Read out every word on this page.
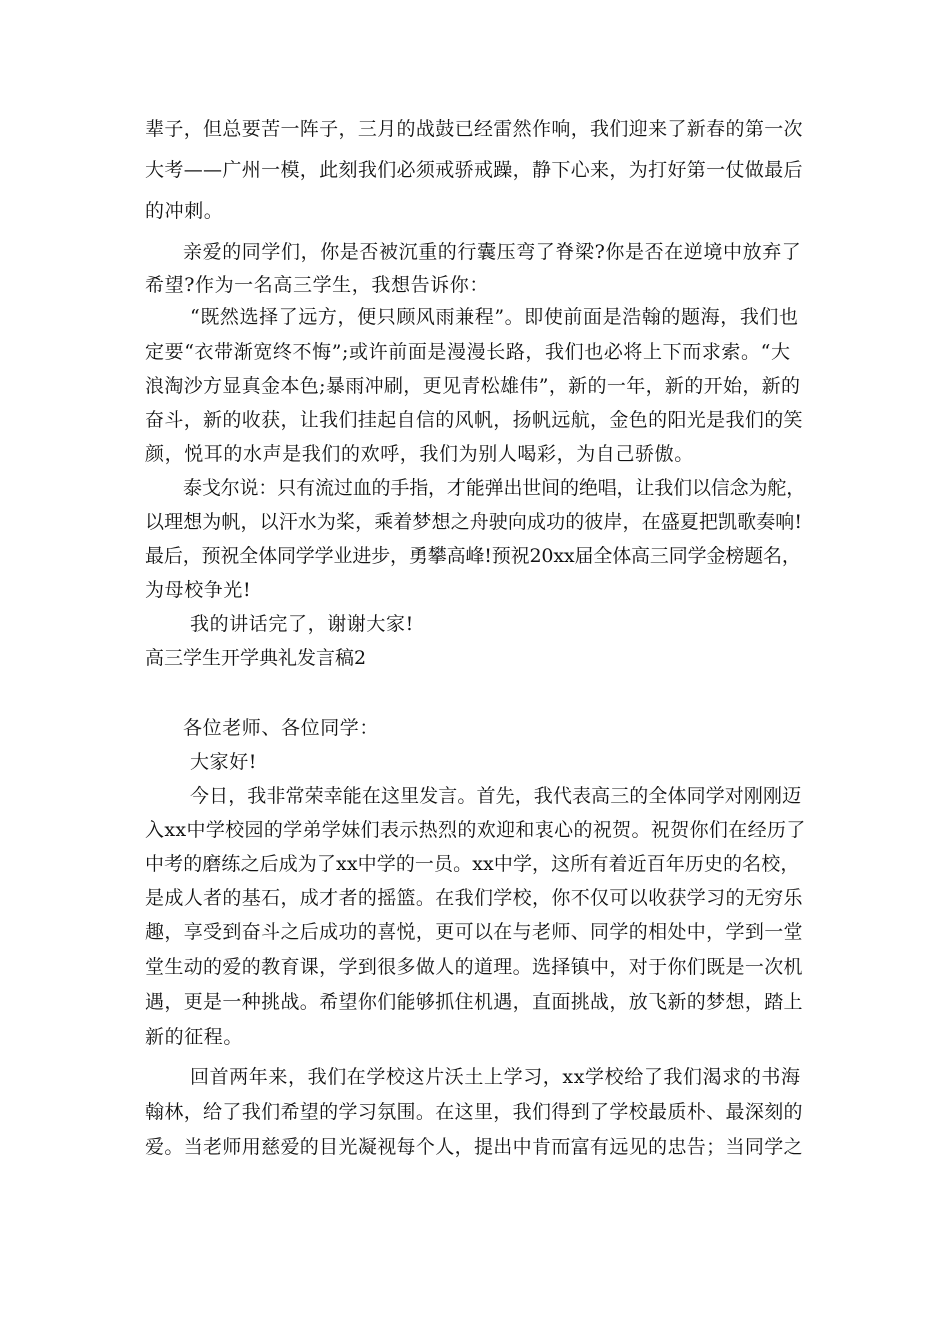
辈子，但总要苦一阵子，三月的战鼓已经雷然作响，我们迎来了新春的第一次
大考——广州一模，此刻我们必须戒骄戒躁，静下心来，为打好第一仗做最后
的冲刺。
亲爱的同学们，你是否被沉重的行囊压弯了脊梁?你是否在逆境中放弃了
希望?作为一名高三学生，我想告诉你：
“既然选择了远方，便只顾风雨兼程”。即使前面是浩翰的题海，我们也
定要“衣带渐宽终不悔”;或许前面是漫漫长路，我们也必将上下而求索。“大
浪淘沙方显真金本色;暴雨冲刷，更见青松雄伟”，新的一年，新的开始，新的
奋斗，新的收获，让我们挂起自信的风帆，扬帆远航，金色的阳光是我们的笑
颜，悦耳的水声是我们的欢呼，我们为别人喝彩，为自己骄傲。
泰戈尔说：只有流过血的手指，才能弹出世间的绝唱，让我们以信念为舵，
以理想为帆，以汗水为桨，乘着梦想之舟驶向成功的彼岸，在盛夏把凯歌奏响!
最后，预祝全体同学学业进步，勇攀高峰!预祝20xx届全体高三同学金榜题名，
为母校争光!
我的讲话完了，谢谢大家!
高三学生开学典礼发言稿2
各位老师、各位同学：
大家好!
今日，我非常荣幸能在这里发言。首先，我代表高三的全体同学对刚刚迈
入xx中学校园的学弟学妹们表示热烈的欢迎和衷心的祝贺。祝贺你们在经历了
中考的磨练之后成为了xx中学的一员。xx中学，这所有着近百年历史的名校，
是成人者的基石，成才者的摇篮。在我们学校，你不仅可以收获学习的无穷乐
趣，享受到奋斗之后成功的喜悦，更可以在与老师、同学的相处中，学到一堂
堂生动的爱的教育课，学到很多做人的道理。选择镇中，对于你们既是一次机
遇，更是一种挑战。希望你们能够抓住机遇，直面挑战，放飞新的梦想，踏上
新的征程。
回首两年来，我们在学校这片沃土上学习，xx学校给了我们渴求的书海
翰林，给了我们希望的学习氛围。在这里，我们得到了学校最质朴、最深刻的
爱。当老师用慈爱的目光凝视每个人，提出中肯而富有远见的忠告；当同学之
